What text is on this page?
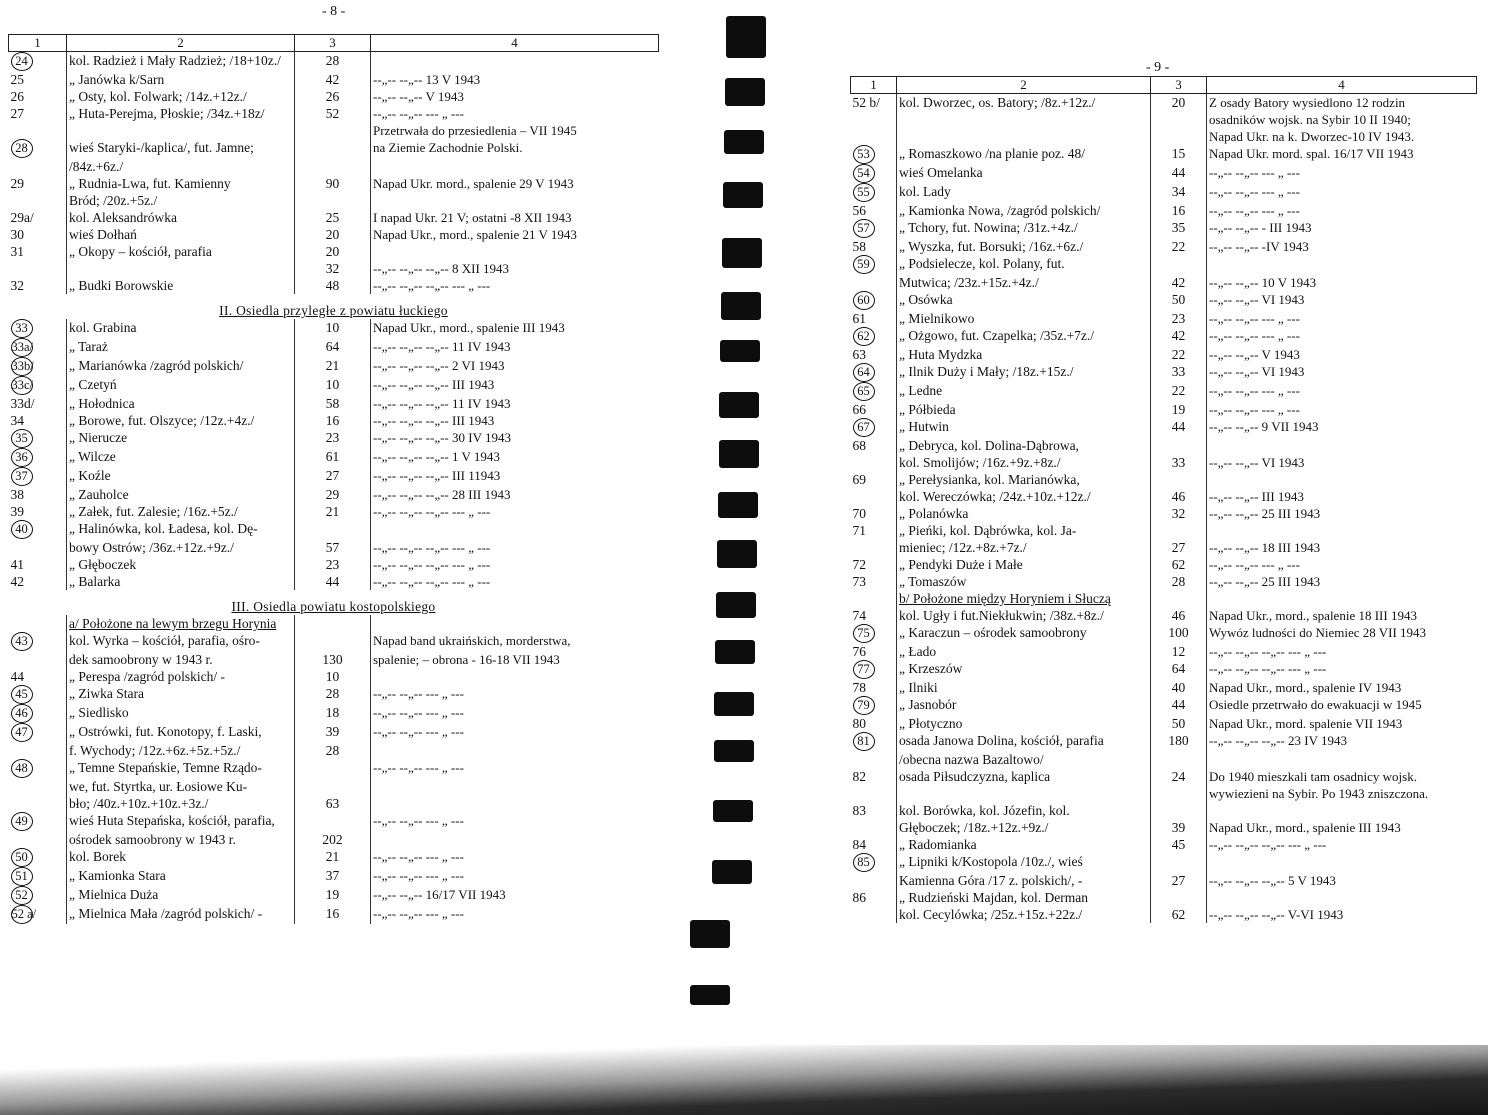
- 8 -
1	2	3	4
24	kol. Radzież i Mały Radzież; /18+10z./	28	
25	„ Janówka k/Sarn	42	--„-- --„-- 13 V 1943
26	„ Osty, kol. Folwark; /14z.+12z./	26	--„-- --„-- V 1943
27	„ Huta-Perejma, Płoskie; /34z.+18z/	52	--„-- --„-- --- „ ---
			Przetrwała do przesiedlenia – VII 1945
28	wieś Staryki-/kaplica/, fut. Jamne;		na Ziemie Zachodnie Polski.
	/84z.+6z./		
29	„ Rudnia-Lwa, fut. Kamienny	90	Napad Ukr. mord., spalenie 29 V 1943
	Bród; /20z.+5z./		
29a/	kol. Aleksandrówka	25	I napad Ukr. 21 V; ostatni -8 XII 1943
30	wieś Dołhań	20	Napad Ukr., mord., spalenie 21 V 1943
31	„ Okopy – kościół, parafia	20	
		32	--„-- --„-- --„-- 8 XII 1943
32	„ Budki Borowskie	48	--„-- --„-- --„-- --- „ ---
II. Osiedla przyległe z powiatu łuckiego			
33	kol. Grabina	10	Napad Ukr., mord., spalenie III 1943
33a/	„ Taraż	64	--„-- --„-- --„-- 11 IV 1943
33b/	„ Marianówka /zagród polskich/	21	--„-- --„-- --„-- 2 VI 1943
33c/	„ Czetyń	10	--„-- --„-- --„-- III 1943
33d/	„ Hołodnica	58	--„-- --„-- --„-- 11 IV 1943
34	„ Borowe, fut. Olszyce; /12z.+4z./	16	--„-- --„-- --„-- III 1943
35	„ Nierucze	23	--„-- --„-- --„-- 30 IV 1943
36	„ Wilcze	61	--„-- --„-- --„-- 1 V 1943
37	„ Koźle	27	--„-- --„-- --„-- III 11943
38	„ Zauholce	29	--„-- --„-- --„-- 28 III 1943
39	„ Załek, fut. Zalesie; /16z.+5z./	21	--„-- --„-- --„-- --- „ ---
40	„ Halinówka, kol. Ładesa, kol. Dę-		
	bowy Ostrów; /36z.+12z.+9z./	57	--„-- --„-- --„-- --- „ ---
41	„ Głęboczek	23	--„-- --„-- --„-- --- „ ---
42	„ Balarka	44	--„-- --„-- --„-- --- „ ---
III. Osiedla powiatu kostopolskiego			
	a/ Położone na lewym brzegu Horynia		
43	kol. Wyrka – kościół, parafia, ośro-		Napad band ukraińskich, morderstwa,
	dek samoobrony w 1943 r.	130	spalenie; – obrona - 16-18 VII 1943
44	„ Perespa /zagród polskich/ -	10	
45	„ Ziwka Stara	28	--„-- --„-- --- „ ---
46	„ Siedlisko	18	--„-- --„-- --- „ ---
47	„ Ostrówki, fut. Konotopy, f. Laski,	39	--„-- --„-- --- „ ---
	f. Wychody; /12z.+6z.+5z.+5z./	28	
48	„ Temne Stepańskie, Temne Rządo-		--„-- --„-- --- „ ---
	we, fut. Styrtka, ur. Łosiowe Ku-		
	bło; /40z.+10z.+10z.+3z./	63	
49	wieś Huta Stepańska, kościół, parafia,		--„-- --„-- --- „ ---
	ośrodek samoobrony w 1943 r.	202	
50	kol. Borek	21	--„-- --„-- --- „ ---
51	„ Kamionka Stara	37	--„-- --„-- --- „ ---
52	„ Mielnica Duża	19	--„-- --„-- 16/17 VII 1943
52 a/	„ Mielnica Mała /zagród polskich/ -	16	--„-- --„-- --- „ ---
- 9 -
1	2	3	4
52 b/	kol. Dworzec, os. Batory; /8z.+12z./	20	Z osady Batory wysiedlono 12 rodzin
			osadników wojsk. na Sybir 10 II 1940;
			Napad Ukr. na k. Dworzec-10 IV 1943.
53	„ Romaszkowo /na planie poz. 48/	15	Napad Ukr. mord. spal. 16/17 VII 1943
54	wieś Omelanka	44	--„-- --„-- --- „ ---
55	kol. Lady	34	--„-- --„-- --- „ ---
56	„ Kamionka Nowa, /zagród polskich/	16	--„-- --„-- --- „ ---
57	„ Tchory, fut. Nowina; /31z.+4z./	35	--„-- --„-- - III 1943
58	„ Wyszka, fut. Borsuki; /16z.+6z./	22	--„-- --„-- -IV 1943
59	„ Podsielecze, kol. Polany, fut.		
	Mutwica; /23z.+15z.+4z./	42	--„-- --„-- 10 V 1943
60	„ Osówka	50	--„-- --„-- VI 1943
61	„ Mielnikowo	23	--„-- --„-- --- „ ---
62	„ Ożgowo, fut. Czapelka; /35z.+7z./	42	--„-- --„-- --- „ ---
63	„ Huta Mydzka	22	--„-- --„-- V 1943
64	„ Ilnik Duży i Mały; /18z.+15z./	33	--„-- --„-- VI 1943
65	„ Ledne	22	--„-- --„-- --- „ ---
66	„ Półbieda	19	--„-- --„-- --- „ ---
67	„ Hutwin	44	--„-- --„-- 9 VII 1943
68	„ Debryca, kol. Dolina-Dąbrowa,		
	kol. Smolijów; /16z.+9z.+8z./	33	--„-- --„-- VI 1943
69	„ Perełysianka, kol. Marianówka,		
	kol. Wereczówka; /24z.+10z.+12z./	46	--„-- --„-- III 1943
70	„ Polanówka	32	--„-- --„-- 25 III 1943
71	„ Pieńki, kol. Dąbrówka, kol. Ja-		
	mieniec; /12z.+8z.+7z./	27	--„-- --„-- 18 III 1943
72	„ Pendyki Duże i Małe	62	--„-- --„-- --- „ ---
73	„ Tomaszów	28	--„-- --„-- 25 III 1943
	b/ Położone między Horyniem i Słuczą		
74	kol. Ugły i fut.Niekłukwin; /38z.+8z./	46	Napad Ukr., mord., spalenie 18 III 1943
75	„ Karaczun – ośrodek samoobrony	100	Wywóz ludności do Niemiec 28 VII 1943
76	„ Łado	12	--„-- --„-- --„-- --- „ ---
77	„ Krzeszów	64	--„-- --„-- --„-- --- „ ---
78	„ Ilniki	40	Napad Ukr., mord., spalenie IV 1943
79	„ Jasnobór	44	Osiedle przetrwało do ewakuacji w 1945
80	„ Płotyczno	50	Napad Ukr., mord. spalenie VII 1943
81	osada Janowa Dolina, kościół, parafia	180	--„-- --„-- --„-- 23 IV 1943
	/obecna nazwa Bazaltowo/		
82	osada Piłsudczyzna, kaplica	24	Do 1940 mieszkali tam osadnicy wojsk.
			wywiezieni na Sybir. Po 1943 zniszczona.
83	kol. Borówka, kol. Józefin, kol.		
	Głęboczek; /18z.+12z.+9z./	39	Napad Ukr., mord., spalenie III 1943
84	„ Radomianka	45	--„-- --„-- --„-- --- „ ---
85	„ Lipniki k/Kostopola /10z./, wieś		
	Kamienna Góra /17 z. polskich/, -	27	--„-- --„-- --„-- 5 V 1943
86	„ Rudzieński Majdan, kol. Derman		
	kol. Cecylówka; /25z.+15z.+22z./	62	--„-- --„-- --„-- V-VI 1943
